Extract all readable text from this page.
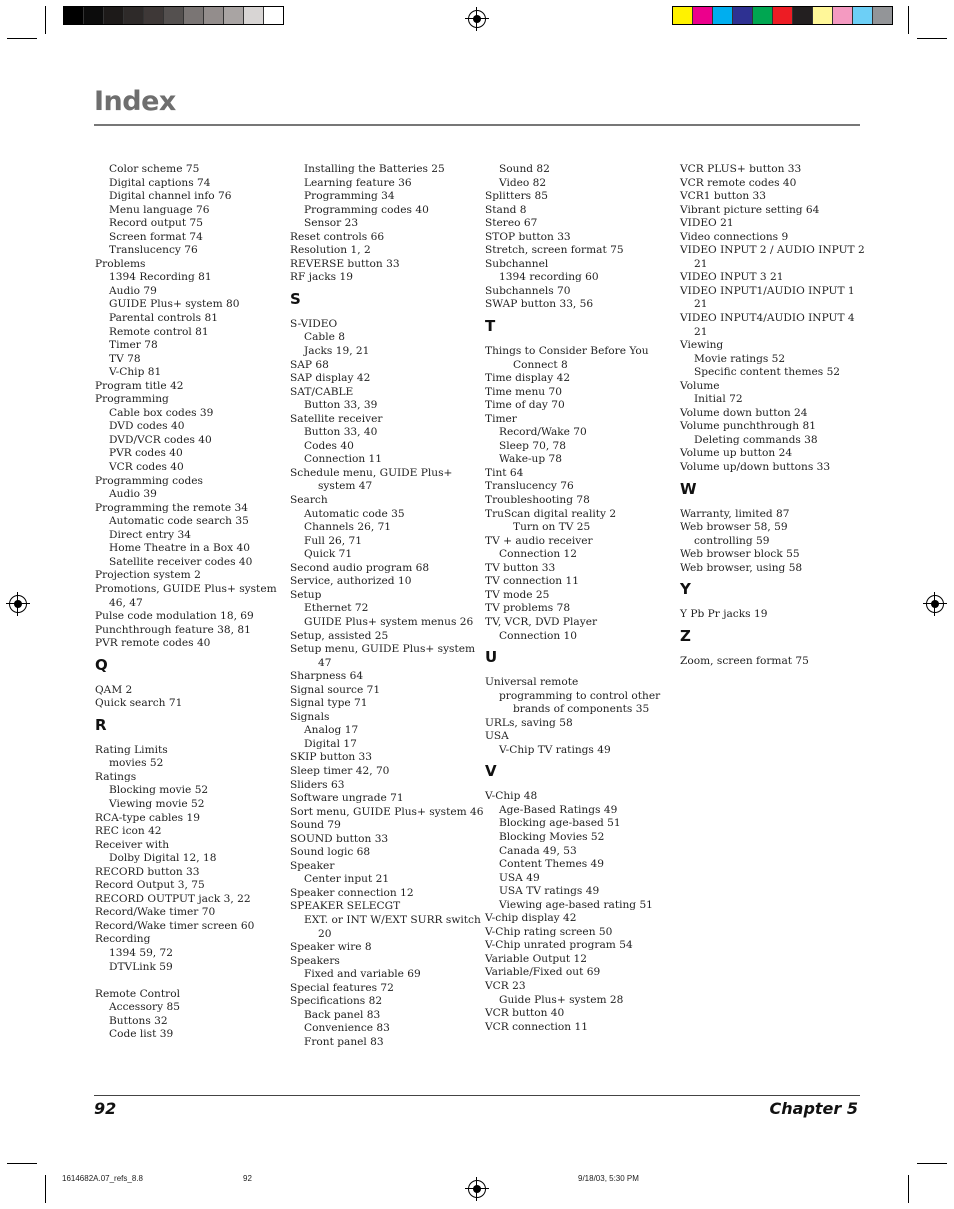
Index
Color scheme 75
Digital captions 74
Digital channel info 76
Menu language 76
Record output 75
Screen format 74
Translucency 76
Problems
1394 Recording 81
Audio 79
GUIDE Plus+ system 80
Parental controls 81
Remote control 81
Timer 78
TV 78
V-Chip 81
Program title 42
Programming
Cable box codes 39
DVD codes 40
DVD/VCR codes 40
PVR codes 40
VCR codes 40
Programming codes
Audio 39
Programming the remote 34
Automatic code search 35
Direct entry 34
Home Theatre in a Box 40
Satellite receiver codes 40
Projection system 2
Promotions, GUIDE Plus+ system
46, 47
Pulse code modulation 18, 69
Punchthrough feature 38, 81
PVR remote codes 40
Q
QAM 2
Quick search 71
R
Rating Limits
movies 52
Ratings
Blocking movie 52
Viewing movie 52
RCA-type cables 19
REC icon 42
Receiver with
Dolby Digital 12, 18
RECORD button 33
Record Output 3, 75
RECORD OUTPUT jack 3, 22
Record/Wake timer 70
Record/Wake timer screen 60
Recording
1394 59, 72
DTVLink 59
Remote Control
Accessory 85
Buttons 32
Code list 39
Installing the Batteries 25
Learning feature 36
Programming 34
Programming codes 40
Sensor 23
Reset controls 66
Resolution 1, 2
REVERSE button 33
RF jacks 19
S
S-VIDEO
Cable 8
Jacks 19, 21
SAP 68
SAP display 42
SAT/CABLE
Button 33, 39
Satellite receiver
Button 33, 40
Codes 40
Connection 11
Schedule menu, GUIDE Plus+
system 47
Search
Automatic code 35
Channels 26, 71
Full 26, 71
Quick 71
Second audio program 68
Service, authorized 10
Setup
Ethernet 72
GUIDE Plus+ system menus 26
Setup, assisted 25
Setup menu, GUIDE Plus+ system
47
Sharpness 64
Signal source 71
Signal type 71
Signals
Analog 17
Digital 17
SKIP button 33
Sleep timer 42, 70
Sliders 63
Software ungrade 71
Sort menu, GUIDE Plus+ system 46
Sound 79
SOUND button 33
Sound logic 68
Speaker
Center input 21
Speaker connection 12
SPEAKER SELECGT
EXT. or INT W/EXT SURR switch
20
Speaker wire 8
Speakers
Fixed and variable 69
Special features 72
Specifications 82
Back panel 83
Convenience 83
Front panel 83
Sound 82
Video 82
Splitters 85
Stand 8
Stereo 67
STOP button 33
Stretch, screen format 75
Subchannel
1394 recording 60
Subchannels 70
SWAP button 33, 56
T
Things to Consider Before You
Connect 8
Time display 42
Time menu 70
Time of day 70
Timer
Record/Wake 70
Sleep 70, 78
Wake-up 78
Tint 64
Translucency 76
Troubleshooting 78
TruScan digital reality 2
Turn on TV 25
TV + audio receiver
Connection 12
TV button 33
TV connection 11
TV mode 25
TV problems 78
TV, VCR, DVD Player
Connection 10
U
Universal remote
programming to control other
brands of components 35
URLs, saving 58
USA
V-Chip TV ratings 49
V
V-Chip 48
Age-Based Ratings 49
Blocking age-based 51
Blocking Movies 52
Canada 49, 53
Content Themes 49
USA 49
USA TV ratings 49
Viewing age-based rating 51
V-chip display 42
V-Chip rating screen 50
V-Chip unrated program 54
Variable Output 12
Variable/Fixed out 69
VCR 23
Guide Plus+ system 28
VCR button 40
VCR connection 11
VCR PLUS+ button 33
VCR remote codes 40
VCR1 button 33
Vibrant picture setting 64
VIDEO 21
Video connections 9
VIDEO INPUT 2 / AUDIO INPUT 2
21
VIDEO INPUT 3 21
VIDEO INPUT1/AUDIO INPUT 1
21
VIDEO INPUT4/AUDIO INPUT 4
21
Viewing
Movie ratings 52
Specific content themes 52
Volume
Initial 72
Volume down button 24
Volume punchthrough 81
Deleting commands 38
Volume up button 24
Volume up/down buttons 33
W
Warranty, limited 87
Web browser 58, 59
controlling 59
Web browser block 55
Web browser, using 58
Y
Y Pb Pr jacks 19
Z
Zoom, screen format 75
92	Chapter 5
1614682A.07_refs_8.8	92	9/18/03, 5:30 PM
